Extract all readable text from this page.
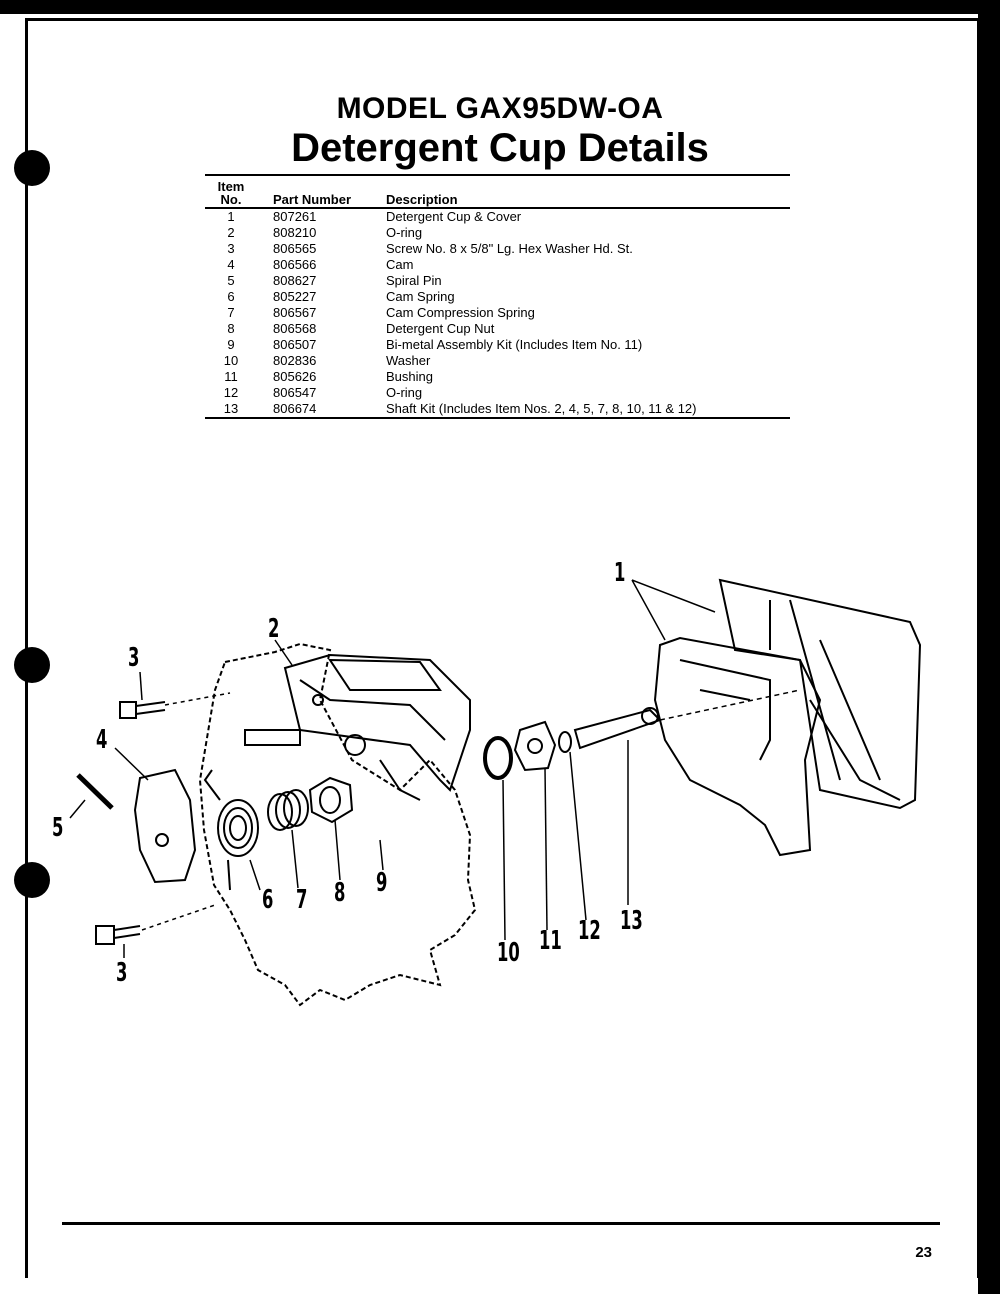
MODEL GAX95DW-OA
Detergent Cup Details
Item No.	Part Number	Description
1	807261	Detergent Cup & Cover
2	808210	O-ring
3	806565	Screw No. 8 x 5/8" Lg. Hex Washer Hd. St.
4	806566	Cam
5	808627	Spiral Pin
6	805227	Cam Spring
7	806567	Cam Compression Spring
8	806568	Detergent Cup Nut
9	806507	Bi-metal Assembly Kit (Includes Item No. 11)
10	802836	Washer
11	805626	Bushing
12	806547	O-ring
13	806674	Shaft Kit (Includes Item Nos. 2, 4, 5, 7, 8, 10, 11 & 12)

1
2
3
4
5
6 7 8 9
10 11 12 13
3
23
